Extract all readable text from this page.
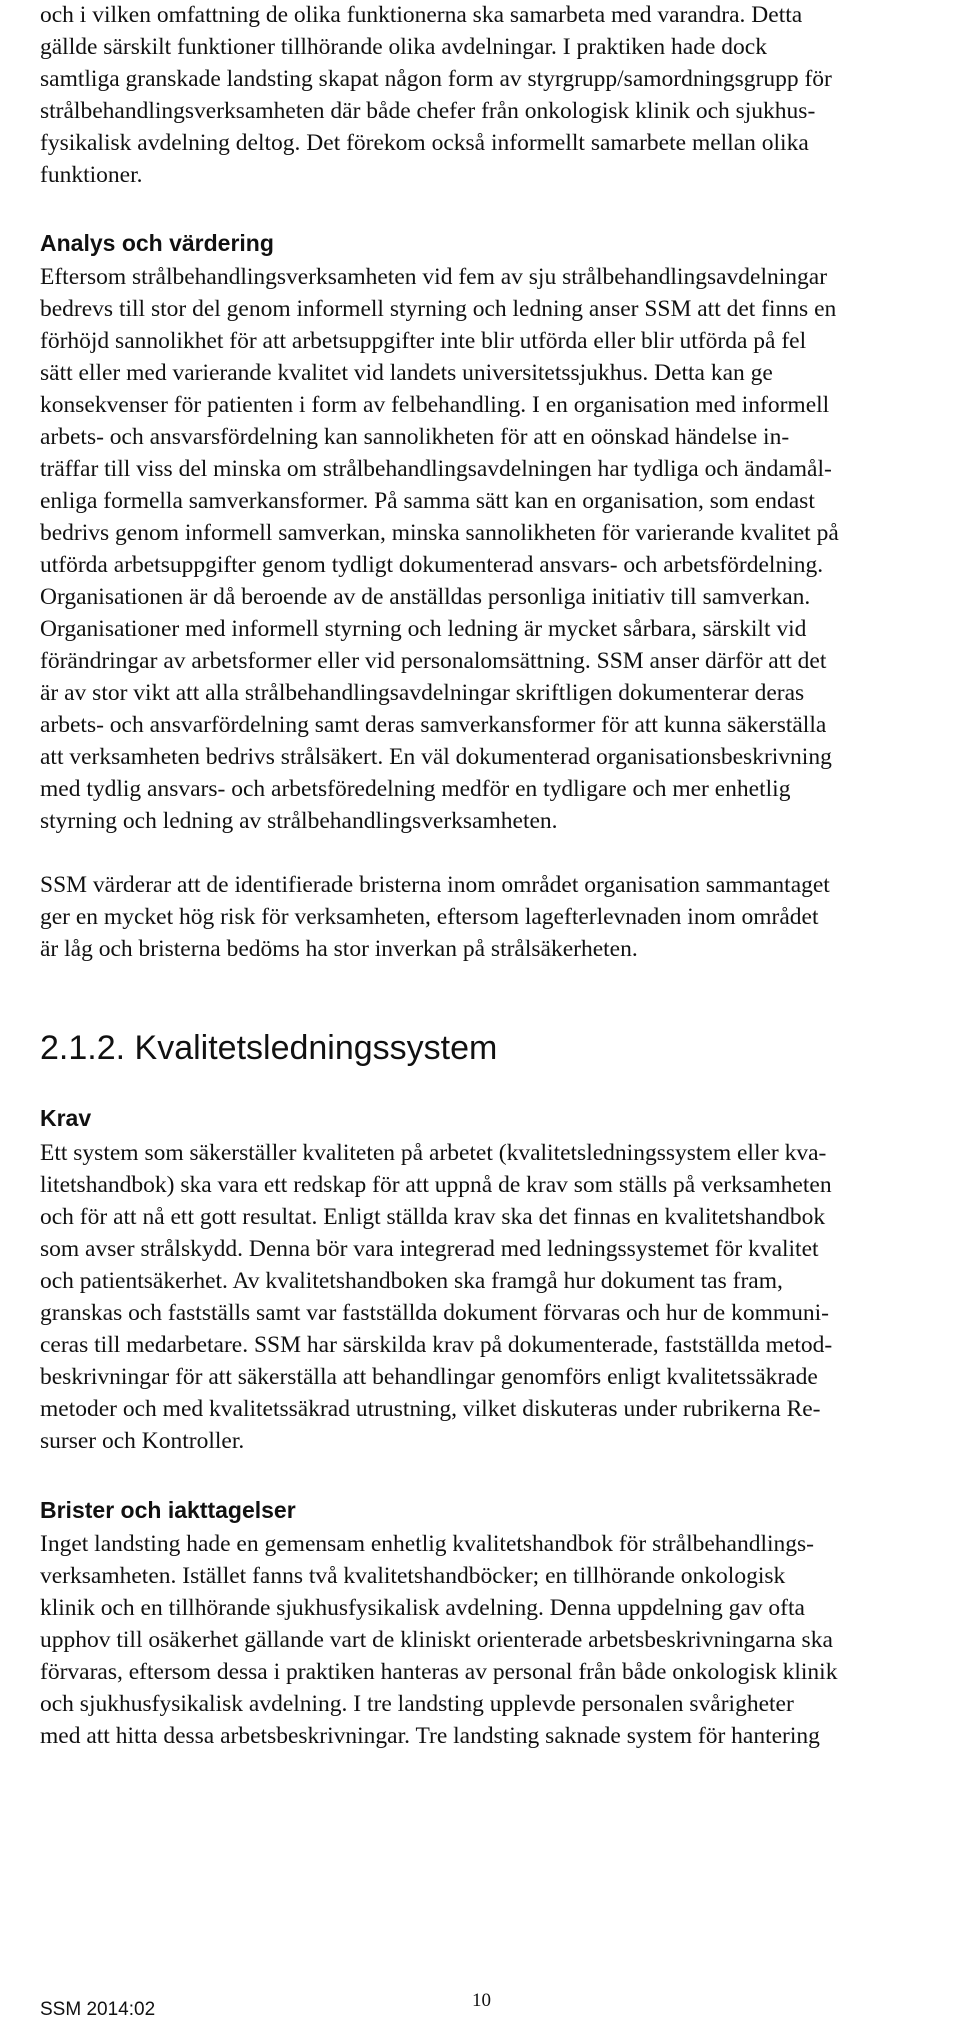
och i vilken omfattning de olika funktionerna ska samarbeta med varandra. Detta
gällde särskilt funktioner tillhörande olika avdelningar. I praktiken hade dock
samtliga granskade landsting skapat någon form av styrgrupp/samordningsgrupp för
strålbehandlingsverksamheten där både chefer från onkologisk klinik och sjukhus-
fysikalisk avdelning deltog. Det förekom också informellt samarbete mellan olika
funktioner.
Analys och värdering
Eftersom strålbehandlingsverksamheten vid fem av sju strålbehandlingsavdelningar
bedrevs till stor del genom informell styrning och ledning anser SSM att det finns en
förhöjd sannolikhet för att arbetsuppgifter inte blir utförda eller blir utförda på fel
sätt eller med varierande kvalitet vid landets universitetssjukhus. Detta kan ge
konsekvenser för patienten i form av felbehandling. I en organisation med informell
arbets- och ansvarsfördelning kan sannolikheten för att en oönskad händelse in-
träffar till viss del minska om strålbehandlingsavdelningen har tydliga och ändamål-
enliga formella samverkansformer. På samma sätt kan en organisation, som endast
bedrivs genom informell samverkan, minska sannolikheten för varierande kvalitet på
utförda arbetsuppgifter genom tydligt dokumenterad ansvars- och arbetsfördelning.
Organisationen är då beroende av de anställdas personliga initiativ till samverkan.
Organisationer med informell styrning och ledning är mycket sårbara, särskilt vid
förändringar av arbetsformer eller vid personalomsättning. SSM anser därför att det
är av stor vikt att alla strålbehandlingsavdelningar skriftligen dokumenterar deras
arbets- och ansvarfördelning samt deras samverkansformer för att kunna säkerställa
att verksamheten bedrivs strålsäkert. En väl dokumenterad organisationsbeskrivning
med tydlig ansvars- och arbetsföredelning medför en tydligare och mer enhetlig
styrning och ledning av strålbehandlingsverksamheten.
SSM värderar att de identifierade bristerna inom området organisation sammantaget
ger en mycket hög risk för verksamheten, eftersom lagefterlevnaden inom området
är låg och bristerna bedöms ha stor inverkan på strålsäkerheten.
2.1.2. Kvalitetsledningssystem
Krav
Ett system som säkerställer kvaliteten på arbetet (kvalitetsledningssystem eller kva-
litetshandbok) ska vara ett redskap för att uppnå de krav som ställs på verksamheten
och för att nå ett gott resultat. Enligt ställda krav ska det finnas en kvalitetshandbok
som avser strålskydd. Denna bör vara integrerad med ledningssystemet för kvalitet
och patientsäkerhet. Av kvalitetshandboken ska framgå hur dokument tas fram,
granskas och fastställs samt var fastställda dokument förvaras och hur de kommuni-
ceras till medarbetare. SSM har särskilda krav på dokumenterade, fastställda metod-
beskrivningar för att säkerställa att behandlingar genomförs enligt kvalitetssäkrade
metoder och med kvalitetssäkrad utrustning, vilket diskuteras under rubrikerna Re-
surser och Kontroller.
Brister och iakttagelser
Inget landsting hade en gemensam enhetlig kvalitetshandbok för strålbehandlings-
verksamheten. Istället fanns två kvalitetshandböcker; en tillhörande onkologisk
klinik och en tillhörande sjukhusfysikalisk avdelning. Denna uppdelning gav ofta
upphov till osäkerhet gällande vart de kliniskt orienterade arbetsbeskrivningarna ska
förvaras, eftersom dessa i praktiken hanteras av personal från både onkologisk klinik
och sjukhusfysikalisk avdelning. I tre landsting upplevde personalen svårigheter
med att hitta dessa arbetsbeskrivningar. Tre landsting saknade system för hantering
SSM 2014:02	10
